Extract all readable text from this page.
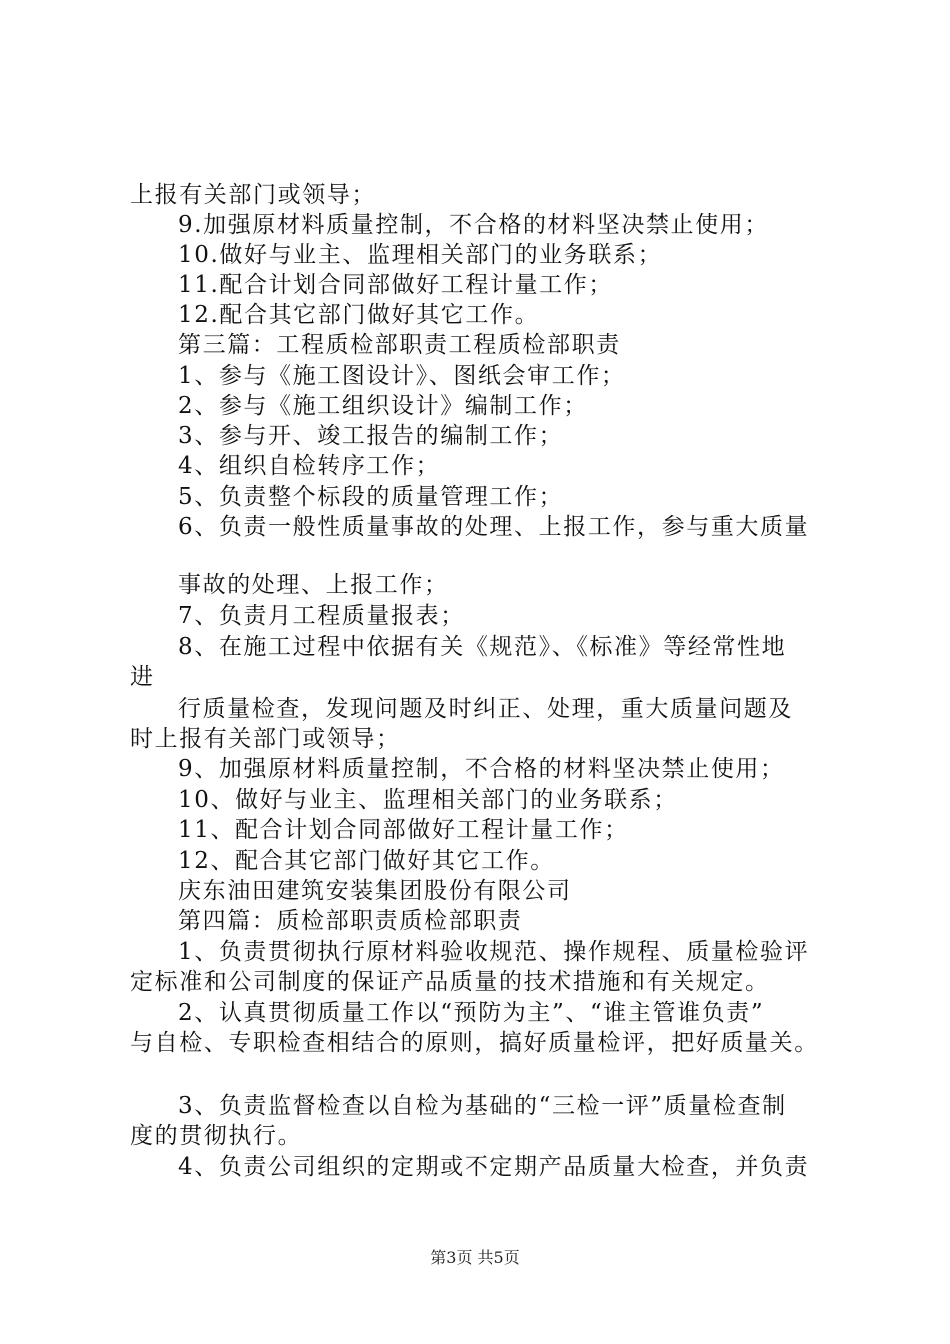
上报有关部门或领导；
9.加强原材料质量控制，不合格的材料坚决禁止使用；
10.做好与业主、监理相关部门的业务联系；
11.配合计划合同部做好工程计量工作；
12.配合其它部门做好其它工作。
第三篇：工程质检部职责工程质检部职责
1、参与《施工图设计》、图纸会审工作；
2、参与《施工组织设计》编制工作；
3、参与开、竣工报告的编制工作；
4、组织自检转序工作；
5、负责整个标段的质量管理工作；
6、负责一般性质量事故的处理、上报工作，参与重大质量
事故的处理、上报工作；
7、负责月工程质量报表；
8、在施工过程中依据有关《规范》、《标准》等经常性地
进
行质量检查，发现问题及时纠正、处理，重大质量问题及
时上报有关部门或领导；
9、加强原材料质量控制，不合格的材料坚决禁止使用；
10、做好与业主、监理相关部门的业务联系；
11、配合计划合同部做好工程计量工作；
12、配合其它部门做好其它工作。
庆东油田建筑安装集团股份有限公司
第四篇：质检部职责质检部职责
1、负责贯彻执行原材料验收规范、操作规程、质量检验评
定标准和公司制度的保证产品质量的技术措施和有关规定。
2、认真贯彻质量工作以“预防为主”、“谁主管谁负责”
与自检、专职检查相结合的原则，搞好质量检评，把好质量关。
3、负责监督检查以自检为基础的“三检一评”质量检查制
度的贯彻执行。
4、负责公司组织的定期或不定期产品质量大检查，并负责
第3页 共5页
